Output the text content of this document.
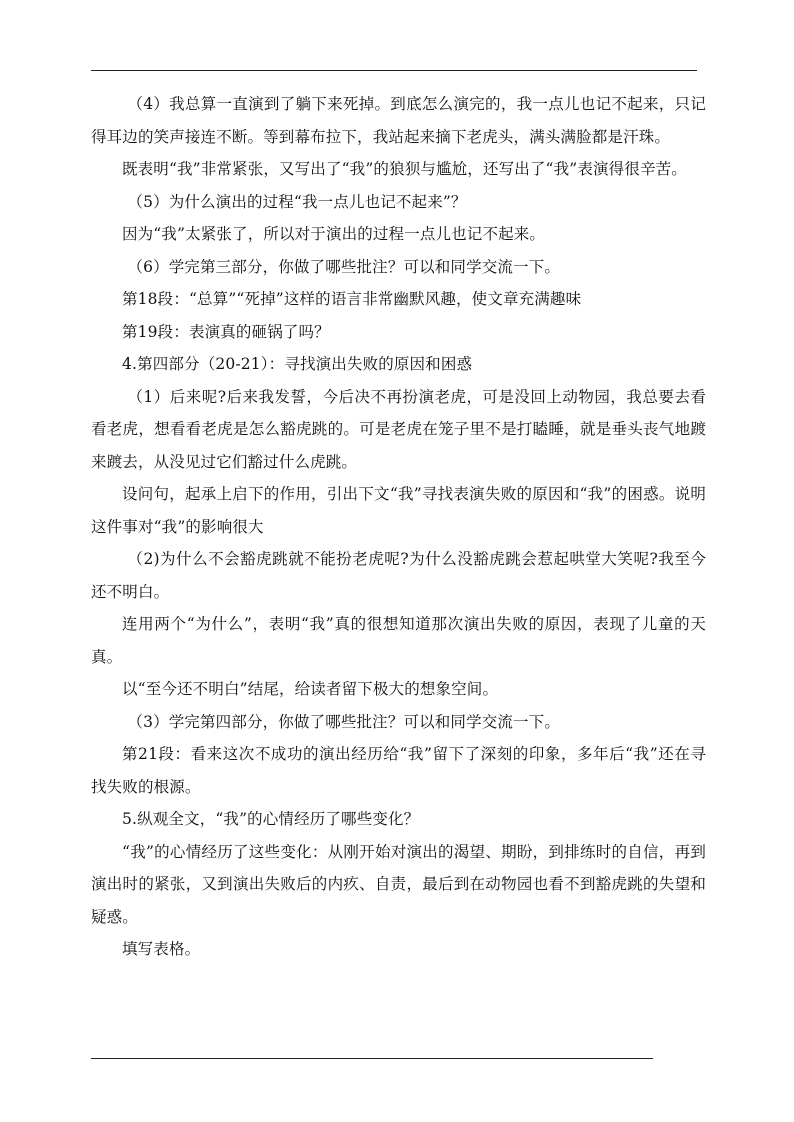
（4）我总算一直演到了躺下来死掉。到底怎么演完的，我一点儿也记不起来，只记得耳边的笑声接连不断。等到幕布拉下，我站起来摘下老虎头，满头满脸都是汗珠。

既表明“我”非常紧张，又写出了“我”的狼狈与尴尬，还写出了“我”表演得很辛苦。

（5）为什么演出的过程“我一点儿也记不起来”？

因为“我”太紧张了，所以对于演出的过程一点儿也记不起来。

（6）学完第三部分，你做了哪些批注？可以和同学交流一下。

第18段：“总算”“死掉”这样的语言非常幽默风趣，使文章充满趣味

第19段：表演真的砸锅了吗？

4.第四部分（20-21）：寻找演出失败的原因和困惑

（1）后来呢?后来我发誓，今后决不再扮演老虎，可是没回上动物园，我总要去看看老虎，想看看老虎是怎么豁虎跳的。可是老虎在笼子里不是打瞌睡，就是垂头丧气地踱来踱去，从没见过它们豁过什么虎跳。

设问句，起承上启下的作用，引出下文“我”寻找表演失败的原因和“我”的困惑。说明这件事对“我”的影响很大

（2)为什么不会豁虎跳就不能扮老虎呢?为什么没豁虎跳会惹起哄堂大笑呢?我至今还不明白。

连用两个“为什么”，表明“我”真的很想知道那次演出失败的原因，表现了儿童的天真。

以“至今还不明白”结尾，给读者留下极大的想象空间。

（3）学完第四部分，你做了哪些批注？可以和同学交流一下。

第21段：看来这次不成功的演出经历给“我”留下了深刻的印象，多年后“我”还在寻找失败的根源。

5.纵观全文，“我”的心情经历了哪些变化？

“我”的心情经历了这些变化：从刚开始对演出的渴望、期盼，到排练时的自信，再到演出时的紧张，又到演出失败后的内疚、自责，最后到在动物园也看不到豁虎跳的失望和疑惑。

填写表格。
